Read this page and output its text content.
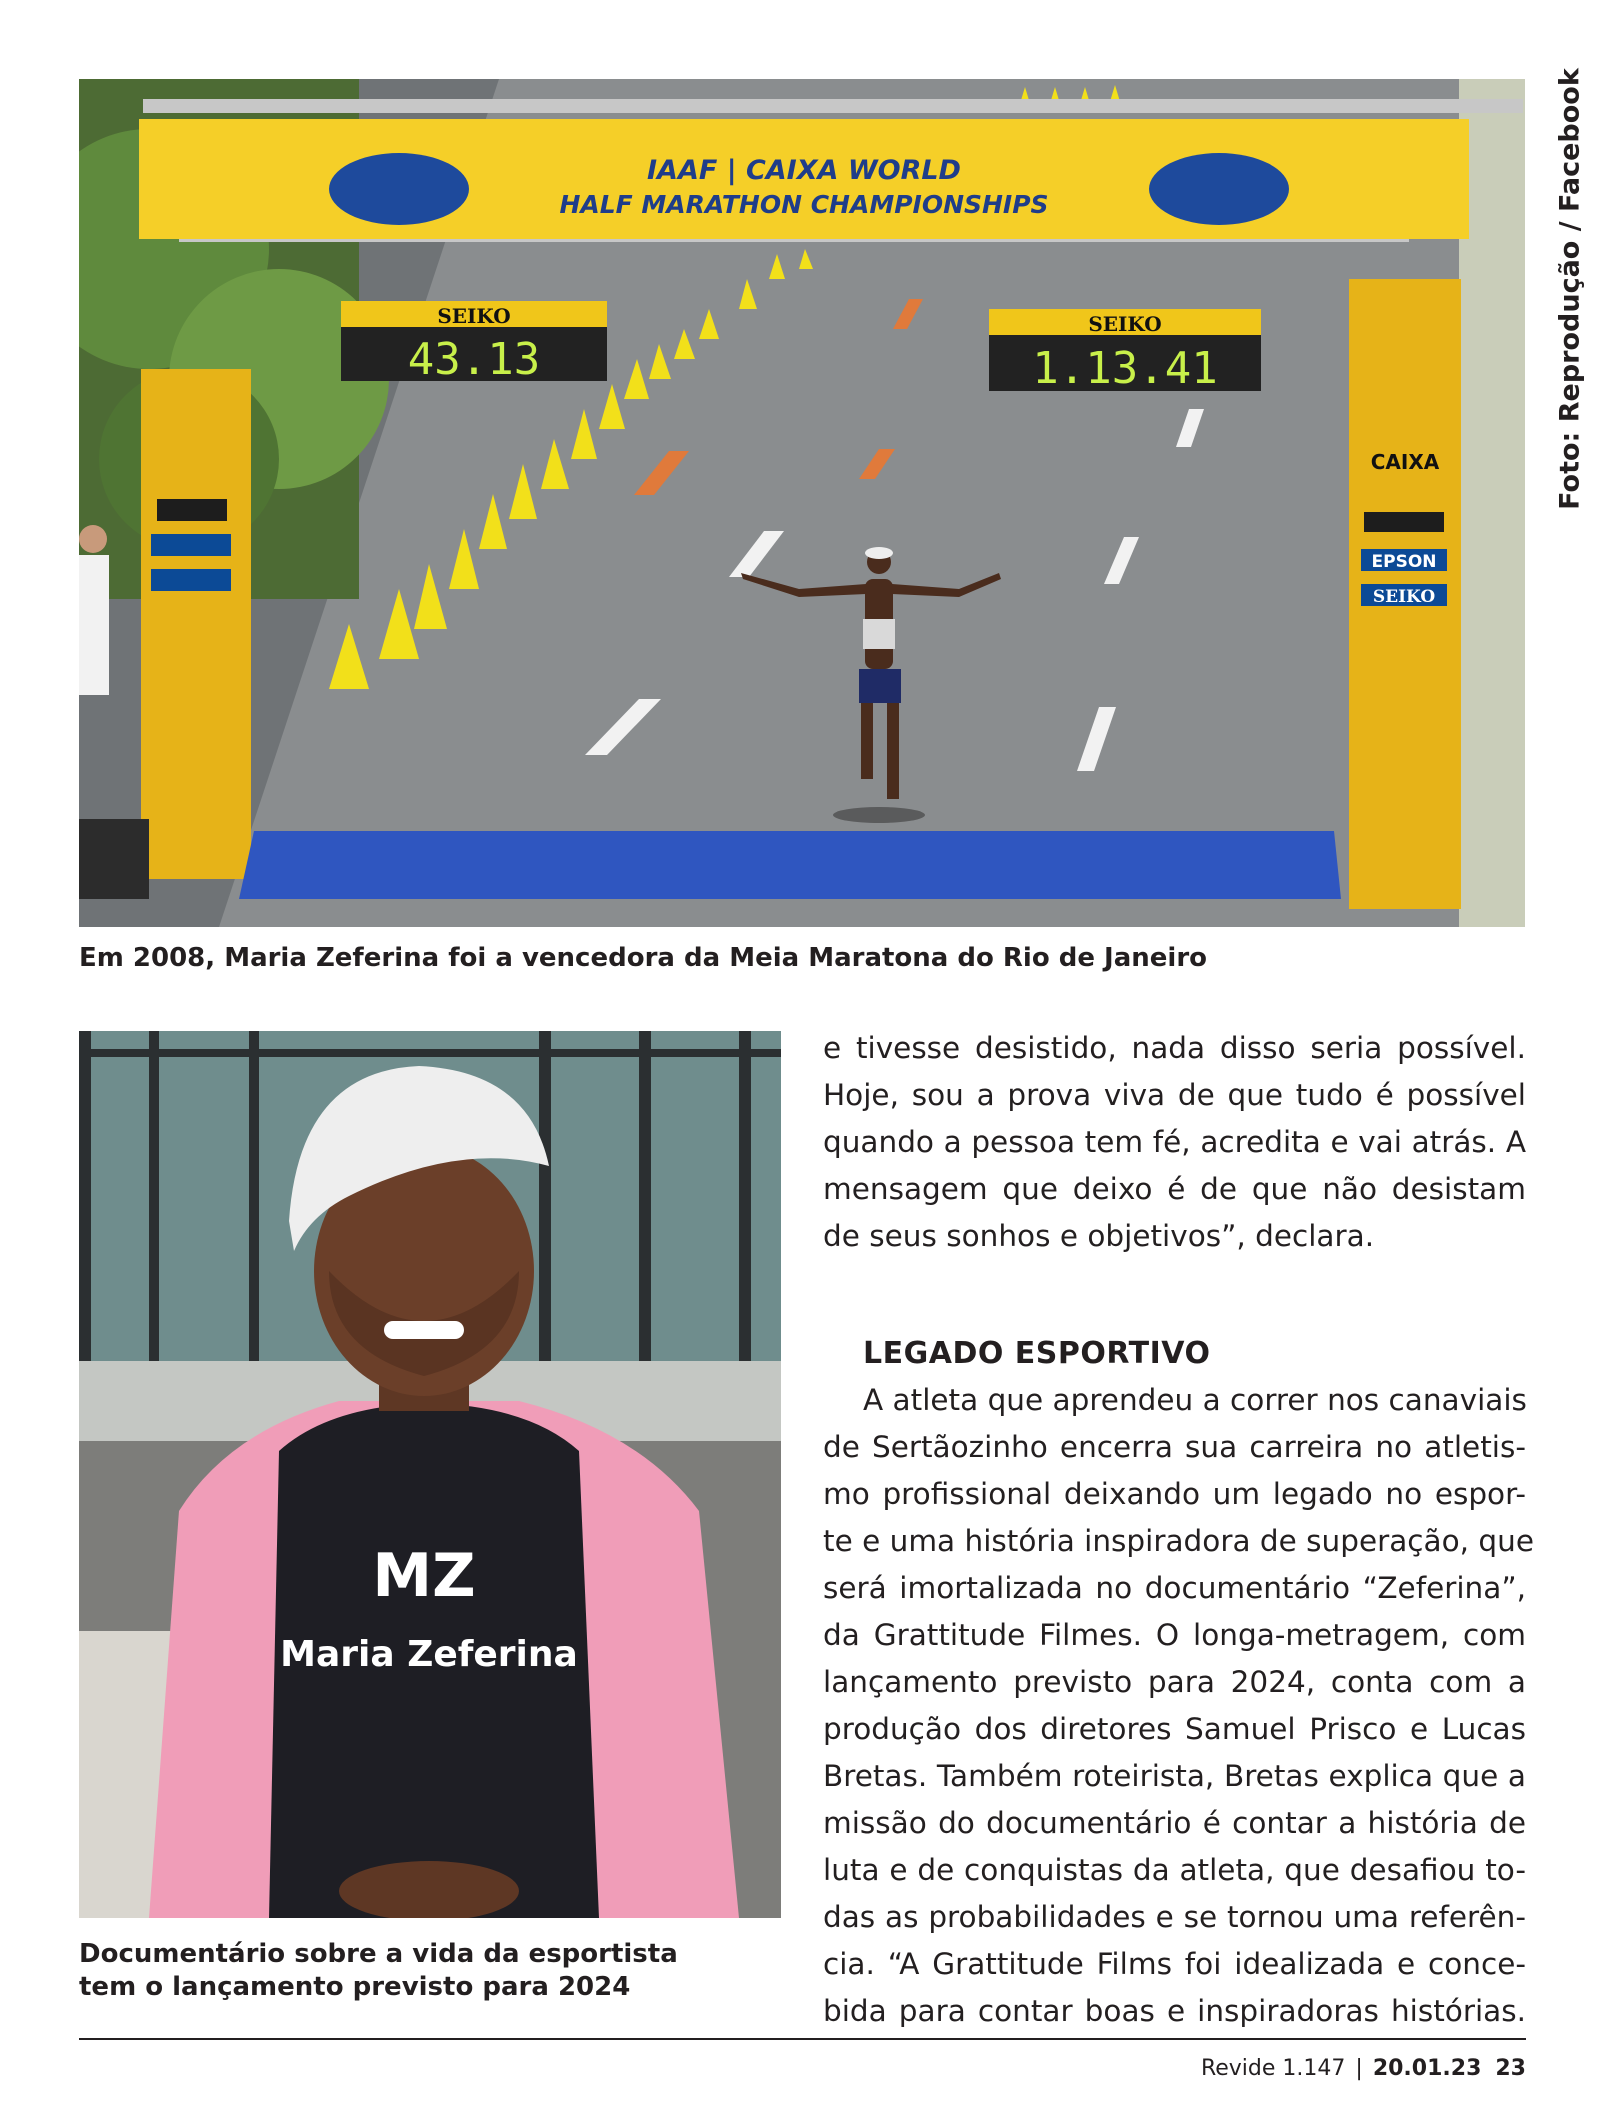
IAAF | CAIXA WORLD
HALF MARATHON CHAMPIONSHIPS
SEIKO
43.13
SEIKO
1.13.41
CAIXA
EPSON
SEIKO
Foto: Reprodução / Facebook
Em 2008, Maria Zeferina foi a vencedora da Meia Maratona do Rio de Janeiro
MZ
Maria Zeferina
Documentário sobre a vida da esportista
tem o lançamento previsto para 2024
e tivesse desistido, nada disso seria possível.
Hoje, sou a prova viva de que tudo é possível
quando a pessoa tem fé, acredita e vai atrás. A
mensagem que deixo é de que não desistam
de seus sonhos e objetivos”, declara.
LEGADO ESPORTIVO
A atleta que aprendeu a correr nos canaviais
de Sertãozinho encerra sua carreira no atletis-
mo profissional deixando um legado no espor-
te e uma história inspiradora de superação, que
será imortalizada no documentário “Zeferina”,
da Grattitude Filmes. O longa-metragem, com
lançamento previsto para 2024, conta com a
produção dos diretores Samuel Prisco e Lucas
Bretas. Também roteirista, Bretas explica que a
missão do documentário é contar a história de
luta e de conquistas da atleta, que desafiou to-
das as probabilidades e se tornou uma referên-
cia. “A Grattitude Films foi idealizada e conce-
bida para contar boas e inspiradoras histórias.
Revide 1.147 | 20.01.23 23
